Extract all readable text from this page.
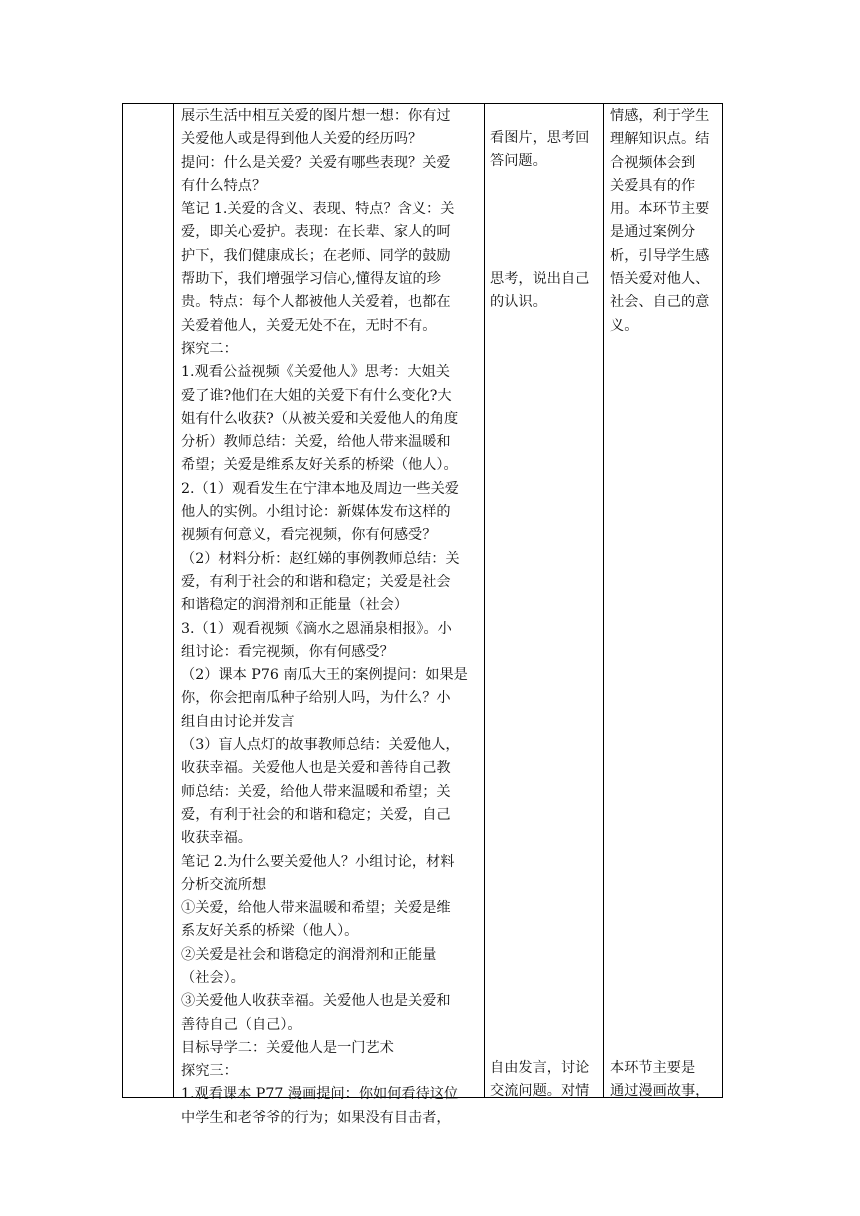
展示生活中相互关爱的图片想一想：你有过
关爱他人或是得到他人关爱的经历吗？
提问：什么是关爱？关爱有哪些表现？关爱
有什么特点？
笔记 1.关爱的含义、表现、特点？含义：关
爱，即关心爱护。表现：在长辈、家人的呵
护下，我们健康成长；在老师、同学的鼓励
帮助下，我们增强学习信心,懂得友谊的珍
贵。特点：每个人都被他人关爱着，也都在
关爱着他人，关爱无处不在，无时不有。
探究二：
1.观看公益视频《关爱他人》思考：大姐关
爱了谁?他们在大姐的关爱下有什么变化?大
姐有什么收获?（从被关爱和关爱他人的角度
分析）教师总结：关爱，给他人带来温暖和
希望；关爱是维系友好关系的桥梁（他人）。
2.（1）观看发生在宁津本地及周边一些关爱
他人的实例。小组讨论：新媒体发布这样的
视频有何意义，看完视频，你有何感受？
（2）材料分析：赵红娣的事例教师总结：关
爱，有利于社会的和谐和稳定；关爱是社会
和谐稳定的润滑剂和正能量（社会）
3.（1）观看视频《滴水之恩涌泉相报》。小
组讨论：看完视频，你有何感受？
（2）课本 P76 南瓜大王的案例提问：如果是
你，你会把南瓜种子给别人吗，为什么？小
组自由讨论并发言
（3）盲人点灯的故事教师总结：关爱他人，
收获幸福。关爱他人也是关爱和善待自己教
师总结：关爱，给他人带来温暖和希望；关
爱，有利于社会的和谐和稳定；关爱，自己
收获幸福。
笔记 2.为什么要关爱他人？小组讨论，材料
分析交流所想
①关爱，给他人带来温暖和希望；关爱是维
系友好关系的桥梁（他人）。
②关爱是社会和谐稳定的润滑剂和正能量
（社会）。
③关爱他人收获幸福。关爱他人也是关爱和
善待自己（自己）。
目标导学二：关爱他人是一门艺术
探究三：
1.观看课本 P77 漫画提问：你如何看待这位
中学生和老爷爷的行为；如果没有目击者，
看图片，思考回
答问题。
思考，说出自己
的认识。
自由发言，讨论
交流问题。对情
情感，利于学生
理解知识点。结
合视频体会到
关爱具有的作
用。本环节主要
是通过案例分
析，引导学生感
悟关爱对他人、
社会、自己的意
义。
本环节主要是
通过漫画故事，
